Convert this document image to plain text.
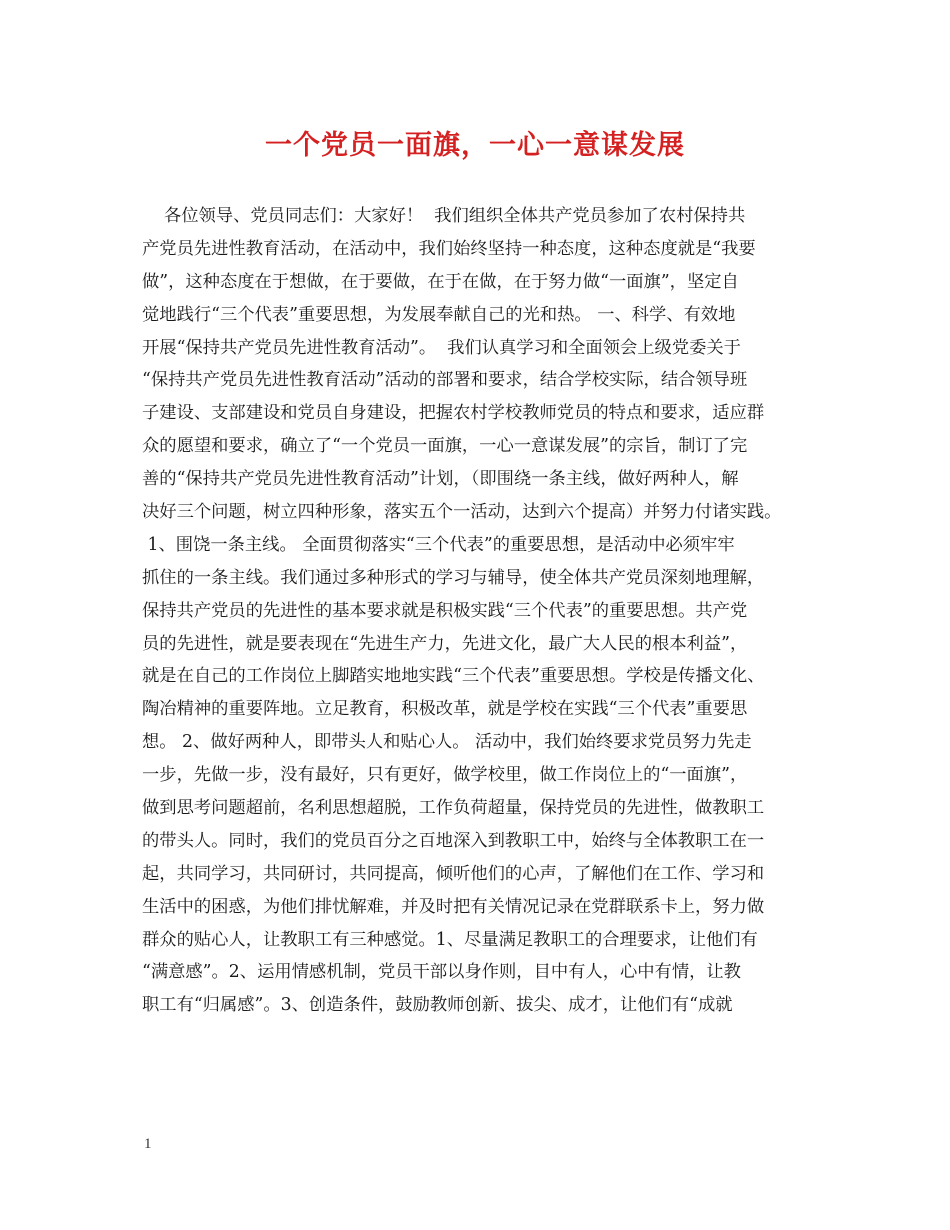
一个党员一面旗，一心一意谋发展
各位领导、党员同志们：大家好！  我们组织全体共产党员参加了农村保持共
产党员先进性教育活动，在活动中，我们始终坚持一种态度，这种态度就是“我要
做”，这种态度在于想做，在于要做，在于在做，在于努力做“一面旗”，坚定自
觉地践行“三个代表”重要思想，为发展奉献自己的光和热。 一、科学、有效地
开展“保持共产党员先进性教育活动”。  我们认真学习和全面领会上级党委关于
“保持共产党员先进性教育活动”活动的部署和要求，结合学校实际，结合领导班
子建设、支部建设和党员自身建设，把握农村学校教师党员的特点和要求，适应群
众的愿望和要求，确立了“一个党员一面旗，一心一意谋发展”的宗旨，制订了完
善的“保持共产党员先进性教育活动”计划，（即围绕一条主线，做好两种人，解
决好三个问题，树立四种形象，落实五个一活动，达到六个提高）并努力付诸实践。
1、围饶一条主线。 全面贯彻落实“三个代表”的重要思想，是活动中必须牢牢
抓住的一条主线。我们通过多种形式的学习与辅导，使全体共产党员深刻地理解，
保持共产党员的先进性的基本要求就是积极实践“三个代表”的重要思想。共产党
员的先进性，就是要表现在“先进生产力，先进文化，最广大人民的根本利益”，
就是在自己的工作岗位上脚踏实地地实践“三个代表”重要思想。学校是传播文化、
陶冶精神的重要阵地。立足教育，积极改革，就是学校在实践“三个代表”重要思
想。 2、做好两种人，即带头人和贴心人。 活动中，我们始终要求党员努力先走
一步，先做一步，没有最好，只有更好，做学校里，做工作岗位上的“一面旗”，
做到思考问题超前，名利思想超脱，工作负荷超量，保持党员的先进性，做教职工
的带头人。同时，我们的党员百分之百地深入到教职工中，始终与全体教职工在一
起，共同学习，共同研讨，共同提高，倾听他们的心声，了解他们在工作、学习和
生活中的困惑，为他们排忧解难，并及时把有关情况记录在党群联系卡上，努力做
群众的贴心人，让教职工有三种感觉。1、尽量满足教职工的合理要求，让他们有
“满意感”。2、运用情感机制，党员干部以身作则，目中有人，心中有情，让教
职工有“归属感”。3、创造条件，鼓励教师创新、拔尖、成才，让他们有“成就
1
